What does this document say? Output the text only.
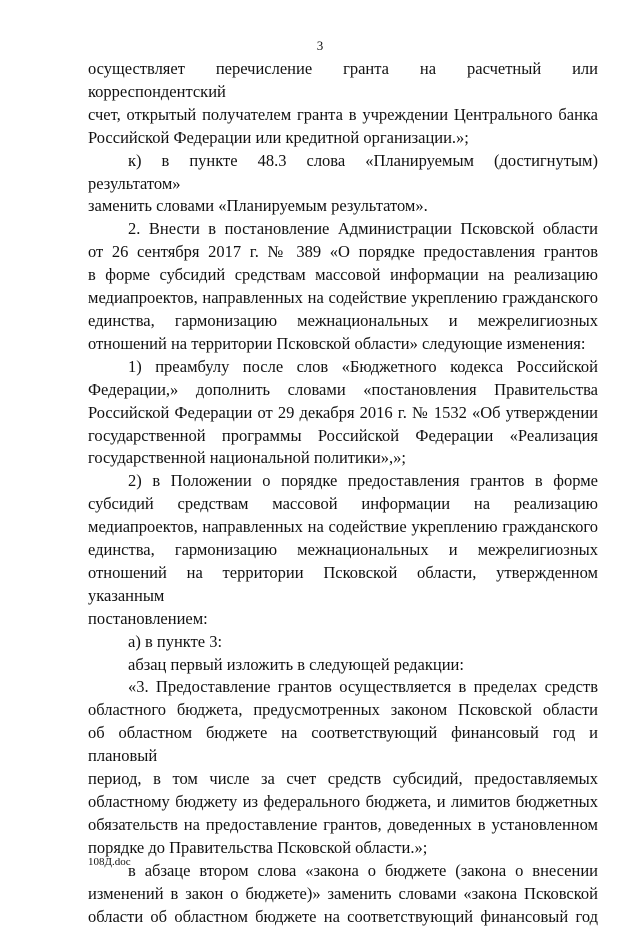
3

осуществляет перечисление гранта на расчетный или корреспондентский

счет, открытый получателем гранта в учреждении Центрального банка

Российской Федерации или кредитной организации.»;

к) в пункте 48.3 слова «Планируемым (достигнутым) результатом»

заменить словами «Планируемым результатом».

2. Внести в постановление Администрации Псковской области

от 26 сентября 2017 г. № 389 «О порядке предоставления грантов

в форме субсидий средствам массовой информации на реализацию

медиапроектов, направленных на содействие укреплению гражданского

единства, гармонизацию межнациональных и межрелигиозных

отношений на территории Псковской области» следующие изменения:

1) преамбулу после слов «Бюджетного кодекса Российской

Федерации,» дополнить словами «постановления Правительства

Российской Федерации от 29 декабря 2016 г. № 1532 «Об утверждении

государственной программы Российской Федерации «Реализация

государственной национальной политики»,»;

2) в Положении о порядке предоставления грантов в форме

субсидий средствам массовой информации на реализацию

медиапроектов, направленных на содействие укреплению гражданского

единства, гармонизацию межнациональных и межрелигиозных

отношений на территории Псковской области, утвержденном указанным

постановлением:

а) в пункте 3:

абзац первый изложить в следующей редакции:

«3. Предоставление грантов осуществляется в пределах средств

областного бюджета, предусмотренных законом Псковской области

об областном бюджете на соответствующий финансовый год и плановый

период, в том числе за счет средств субсидий, предоставляемых

областному бюджету из федерального бюджета, и лимитов бюджетных

обязательств на предоставление грантов, доведенных в установленном

порядке до Правительства Псковской области.»;

в абзаце втором слова «закона о бюджете (закона о внесении

изменений в закон о бюджете)» заменить словами «закона Псковской

области об областном бюджете на соответствующий финансовый год

108Д.doc
